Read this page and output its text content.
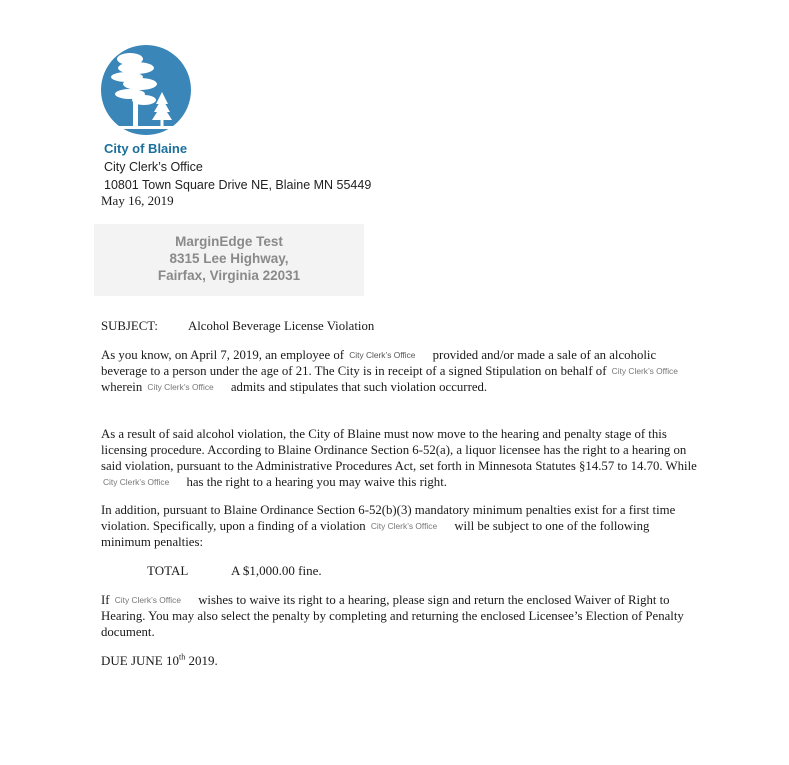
City of Blaine
City Clerk’s Office
10801 Town Square Drive NE, Blaine MN 55449
May 16, 2019
MarginEdge Test
8315 Lee Highway,
Fairfax, Virginia 22031
SUBJECT: Alcohol Beverage License Violation
As you know, on April 7, 2019, an employee of City Clerk’s Office provided and/or made a sale of an alcoholic beverage to a person under the age of 21. The City is in receipt of a signed Stipulation on behalf of City Clerk’s Office wherein City Clerk’s Office admits and stipulates that such violation occurred.
As a result of said alcohol violation, the City of Blaine must now move to the hearing and penalty stage of this licensing procedure. According to Blaine Ordinance Section 6-52(a), a liquor licensee has the right to a hearing on said violation, pursuant to the Administrative Procedures Act, set forth in Minnesota Statutes §14.57 to 14.70. While City Clerk’s Office has the right to a hearing you may waive this right.
In addition, pursuant to Blaine Ordinance Section 6-52(b)(3) mandatory minimum penalties exist for a first time violation. Specifically, upon a finding of a violation City Clerk’s Office will be subject to one of the following minimum penalties:
TOTAL	A $1,000.00 fine.
If City Clerk’s Office wishes to waive its right to a hearing, please sign and return the enclosed Waiver of Right to Hearing. You may also select the penalty by completing and returning the enclosed Licensee’s Election of Penalty document.
DUE JUNE 10th 2019.
